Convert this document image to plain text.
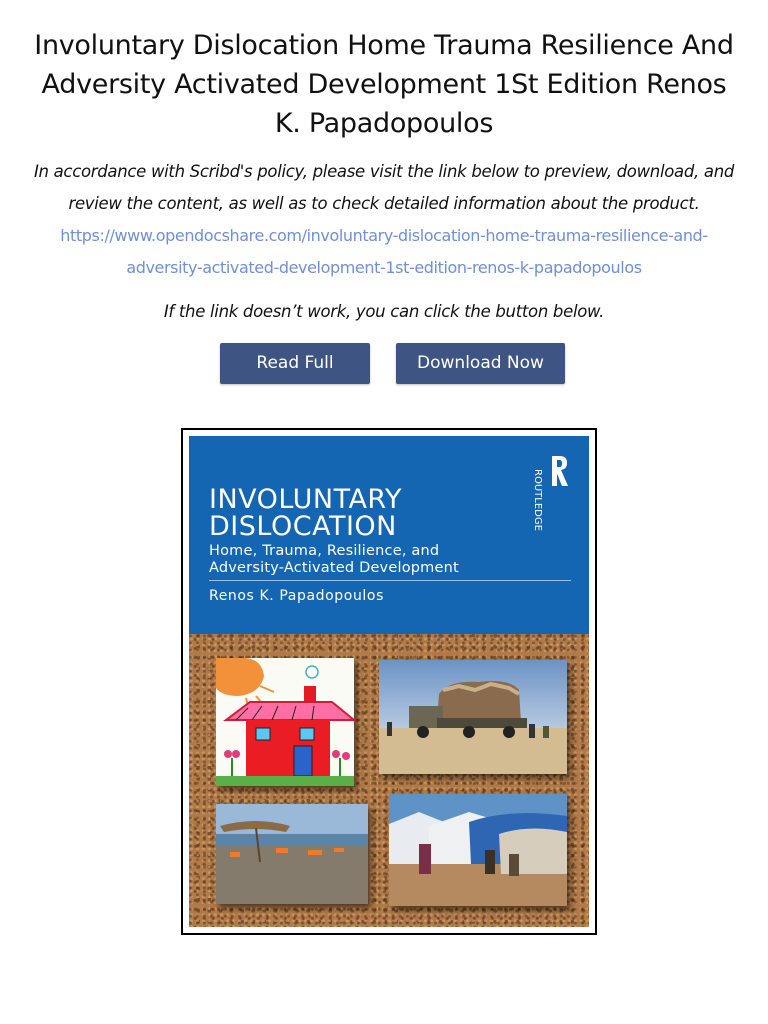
Involuntary Dislocation Home Trauma Resilience And Adversity Activated Development 1St Edition Renos K. Papadopoulos
In accordance with Scribd's policy, please visit the link below to preview, download, and
review the content, as well as to check detailed information about the product.
https://www.opendocshare.com/involuntary-dislocation-home-trauma-resilience-and-
adversity-activated-development-1st-edition-renos-k-papadopoulos
If the link doesn’t work, you can click the button below.
Read Full	Download Now
ROUTLEDGE
INVOLUNTARY
DISLOCATION
Home, Trauma, Resilience, and
Adversity-Activated Development
Renos K. Papadopoulos
